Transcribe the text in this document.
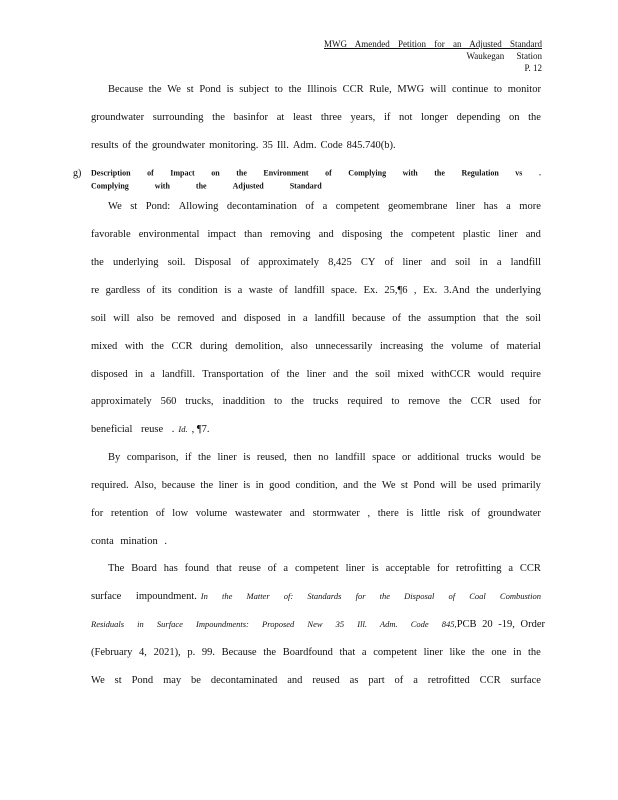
MWG Amended Petition for an Adjusted Standard
Waukegan Station
P. 12
Because the We st Pond is subject to the Illinois CCR Rule, MWG will continue to monitor
groundwater surrounding the basinfor at least three years, if not longer depending on the
results of the groundwater monitoring. 35 Ill. Adm. Code 845.740(b).
g) Description of Impact on the Environment of Complying with the Regulation vs .
Complying	with	the	Adjusted	Standard
We st Pond: Allowing decontamination of a competent geomembrane liner has a more
favorable environmental impact than removing and disposing the competent plastic liner and
the underlying soil. Disposal of approximately 8,425 CY of liner and soil in a landfill
re gardless of its condition is a waste of landfill space. Ex. 25,¶6 , Ex. 3.And the underlying
soil will also be removed and disposed in a landfill because of the assumption that the soil
mixed with the CCR during demolition, also unnecessarily increasing the volume of material
disposed in a landfill. Transportation of the liner and the soil mixed withCCR would require
approximately 560 trucks, inaddition to the trucks required to remove the CCR used for
beneficial reuse . Id. , ¶7.
By comparison, if the liner is reused, then no landfill space or additional trucks would be
required. Also, because the liner is in good condition, and the We st Pond will be used primarily
for retention of low volume wastewater and stormwater , there is little risk of groundwater
conta mination .
The Board has found that reuse of a competent liner is acceptable for retrofitting a CCR
surface impoundment. In the Matter of: Standards for the Disposal of Coal Combustion
Residuals in Surface Impoundments: Proposed New 35 Ill. Adm. Code 845, PCB 20 -19, Order
(February 4, 2021), p. 99. Because the Boardfound that a competent liner like the one in the
We st Pond may be decontaminated and reused as part of a retrofitted CCR surface
